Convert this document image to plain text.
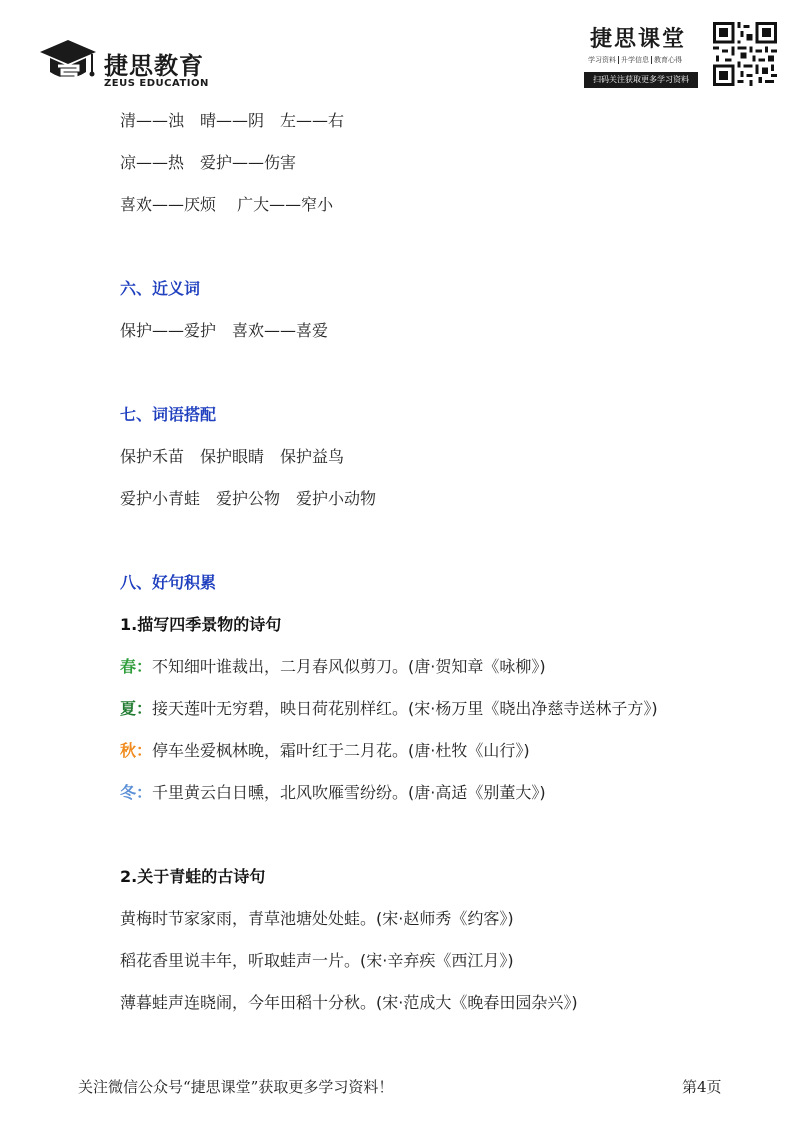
捷思教育
ZEUS EDUCATION
捷思课堂
学习资料 升学信息 教育心得
扫码关注获取更多学习资料
清——浊　晴——阴　左——右
凉——热　爱护——伤害
喜欢——厌烦　 广大——窄小
六、近义词
保护——爱护　喜欢——喜爱
七、词语搭配
保护禾苗　保护眼睛　保护益鸟
爱护小青蛙　爱护公物　爱护小动物
八、好句积累
1.描写四季景物的诗句
春：不知细叶谁裁出，二月春风似剪刀。(唐·贺知章《咏柳》)
夏：接天莲叶无穷碧，映日荷花别样红。(宋·杨万里《晓出净慈寺送林子方》)
秋：停车坐爱枫林晚，霜叶红于二月花。(唐·杜牧《山行》)
冬：千里黄云白日曛，北风吹雁雪纷纷。(唐·高适《别董大》)
2.关于青蛙的古诗句
黄梅时节家家雨，青草池塘处处蛙。(宋·赵师秀《约客》)
稻花香里说丰年，听取蛙声一片。(宋·辛弃疾《西江月》)
薄暮蛙声连晓闹，今年田稻十分秋。(宋·范成大《晚春田园杂兴》)
关注微信公众号“捷思课堂”获取更多学习资料！	第4页
